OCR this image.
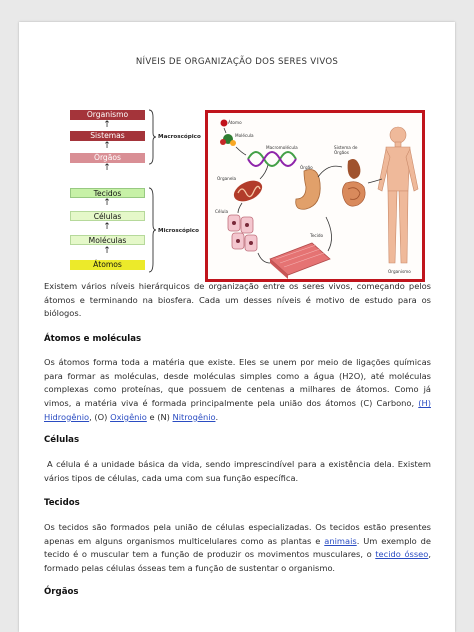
NÍVEIS DE ORGANIZAÇÃO DOS SERES VIVOS
Organismo
↑
Sistemas
↑
Órgãos
Macroscópico
↑
Tecidos
↑
Células
↑
Moléculas
↑
Átomos
Microscópico
Átomo
Molécula
Macromolécula
Organela
Célula
Órgão
Sistema de Órgãos
Tecido
Organismo

Existem vários níveis hierárquicos de organização entre os seres vivos, começando pelos átomos e terminando na biosfera. Cada um desses níveis é motivo de estudo para os biólogos.

Átomos e moléculas

Os átomos forma toda a matéria que existe. Eles se unem por meio de ligações químicas para formar as moléculas, desde moléculas simples como a água (H2O), até moléculas complexas como proteínas, que possuem de centenas a milhares de átomos. Como já vimos, a matéria viva é formada principalmente pela união dos átomos (C) Carbono, (H) Hidrogênio, (O) Oxigênio e (N) Nitrogênio.

Células

A célula é a unidade básica da vida, sendo imprescindível para a existência dela. Existem vários tipos de células, cada uma com sua função específica.

Tecidos

Os tecidos são formados pela união de células especializadas. Os tecidos estão presentes apenas em alguns organismos multicelulares como as plantas e animais. Um exemplo de tecido é o muscular tem a função de produzir os movimentos musculares, o tecido ósseo, formado pelas células ósseas tem a função de sustentar o organismo.

Órgãos
